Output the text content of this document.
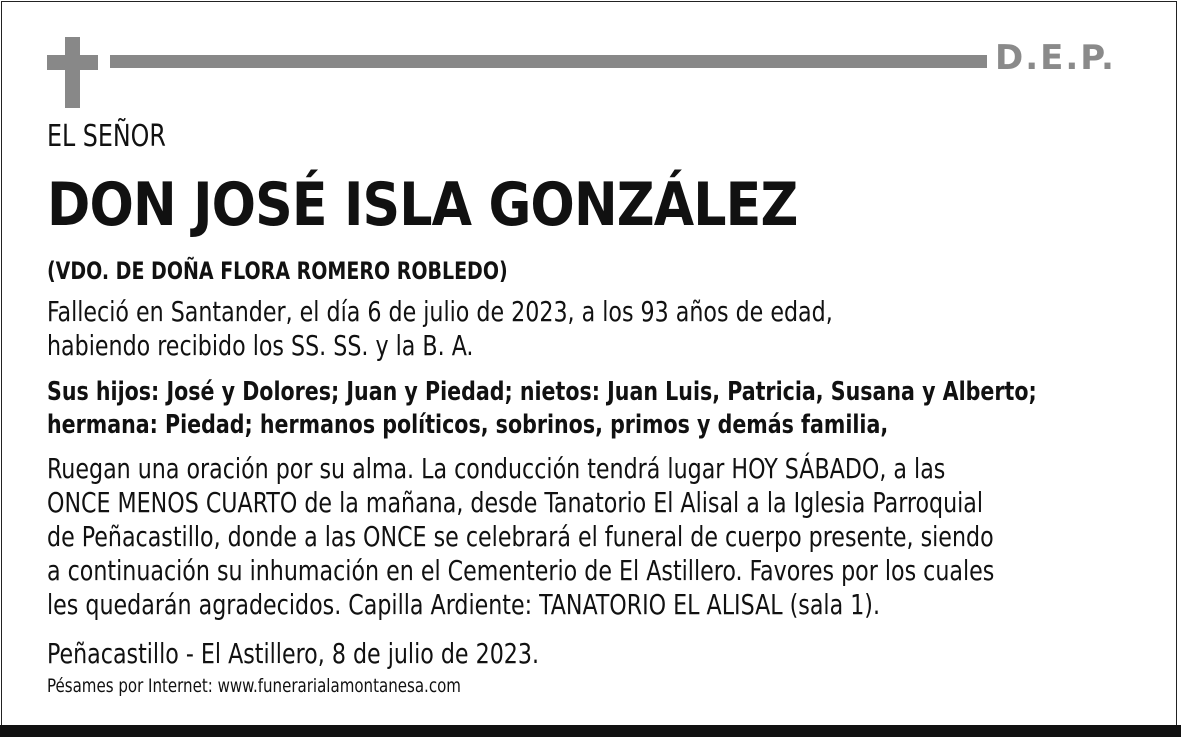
D.E.P.
EL SEÑOR
DON JOSÉ ISLA GONZÁLEZ
(VDO. DE DOÑA FLORA ROMERO ROBLEDO)
Falleció en Santander, el día 6 de julio de 2023, a los 93 años de edad,
habiendo recibido los SS. SS. y la B. A.
Sus hijos: José y Dolores; Juan y Piedad; nietos: Juan Luis, Patricia, Susana y Alberto;
hermana: Piedad; hermanos políticos, sobrinos, primos y demás familia,
Ruegan una oración por su alma. La conducción tendrá lugar HOY SÁBADO, a las
ONCE MENOS CUARTO de la mañana, desde Tanatorio El Alisal a la Iglesia Parroquial
de Peñacastillo, donde a las ONCE se celebrará el funeral de cuerpo presente, siendo
a continuación su inhumación en el Cementerio de El Astillero. Favores por los cuales
les quedarán agradecidos. Capilla Ardiente: TANATORIO EL ALISAL (sala 1).
Peñacastillo - El Astillero, 8 de julio de 2023.
Pésames por Internet: www.funerarialamontanesa.com
